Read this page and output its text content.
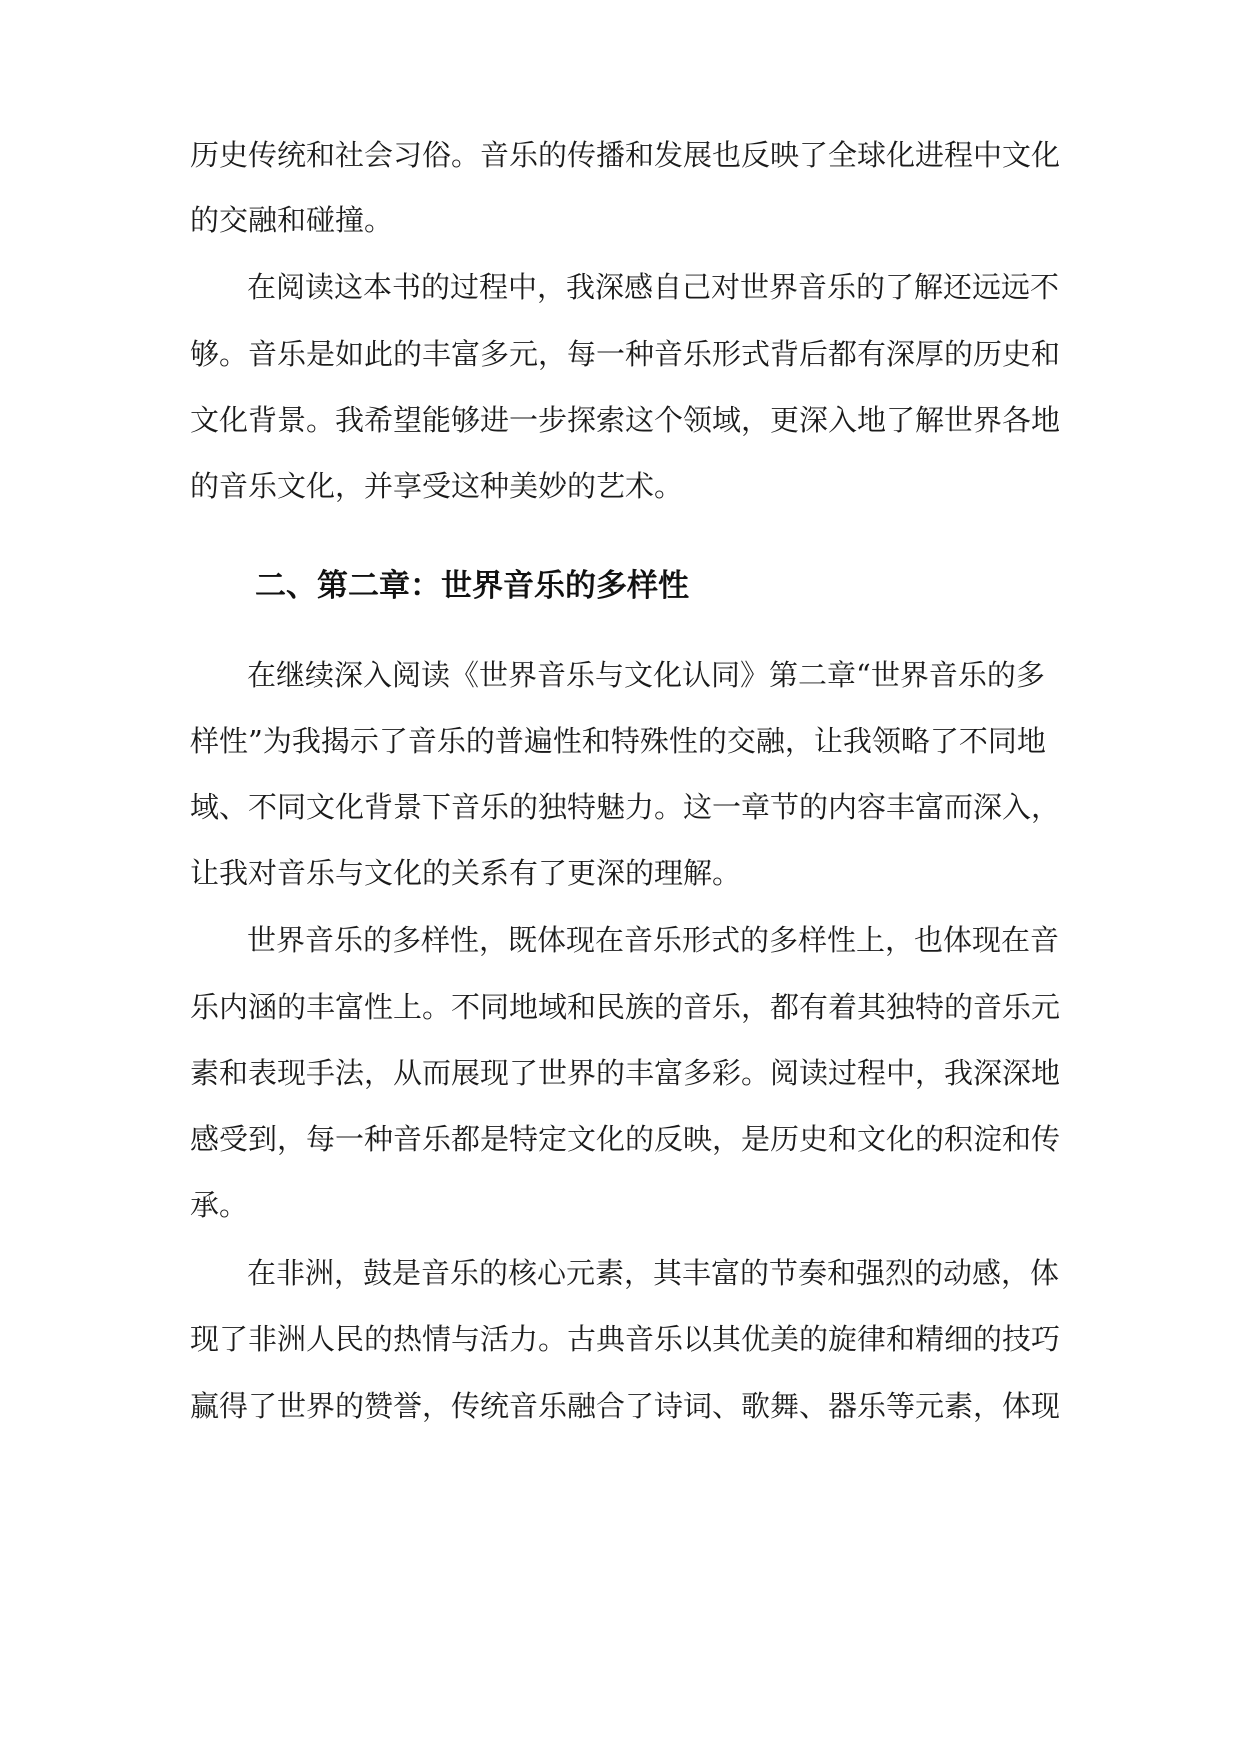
历史传统和社会习俗。音乐的传播和发展也反映了全球化进程中文化
的交融和碰撞。
在阅读这本书的过程中，我深感自己对世界音乐的了解还远远不
够。音乐是如此的丰富多元，每一种音乐形式背后都有深厚的历史和
文化背景。我希望能够进一步探索这个领域，更深入地了解世界各地
的音乐文化，并享受这种美妙的艺术。
二、第二章：世界音乐的多样性
在继续深入阅读《世界音乐与文化认同》第二章“世界音乐的多
样性”为我揭示了音乐的普遍性和特殊性的交融，让我领略了不同地
域、不同文化背景下音乐的独特魅力。这一章节的内容丰富而深入，
让我对音乐与文化的关系有了更深的理解。
世界音乐的多样性，既体现在音乐形式的多样性上，也体现在音
乐内涵的丰富性上。不同地域和民族的音乐，都有着其独特的音乐元
素和表现手法，从而展现了世界的丰富多彩。阅读过程中，我深深地
感受到，每一种音乐都是特定文化的反映，是历史和文化的积淀和传
承。
在非洲，鼓是音乐的核心元素，其丰富的节奏和强烈的动感，体
现了非洲人民的热情与活力。古典音乐以其优美的旋律和精细的技巧
赢得了世界的赞誉，传统音乐融合了诗词、歌舞、器乐等元素，体现
